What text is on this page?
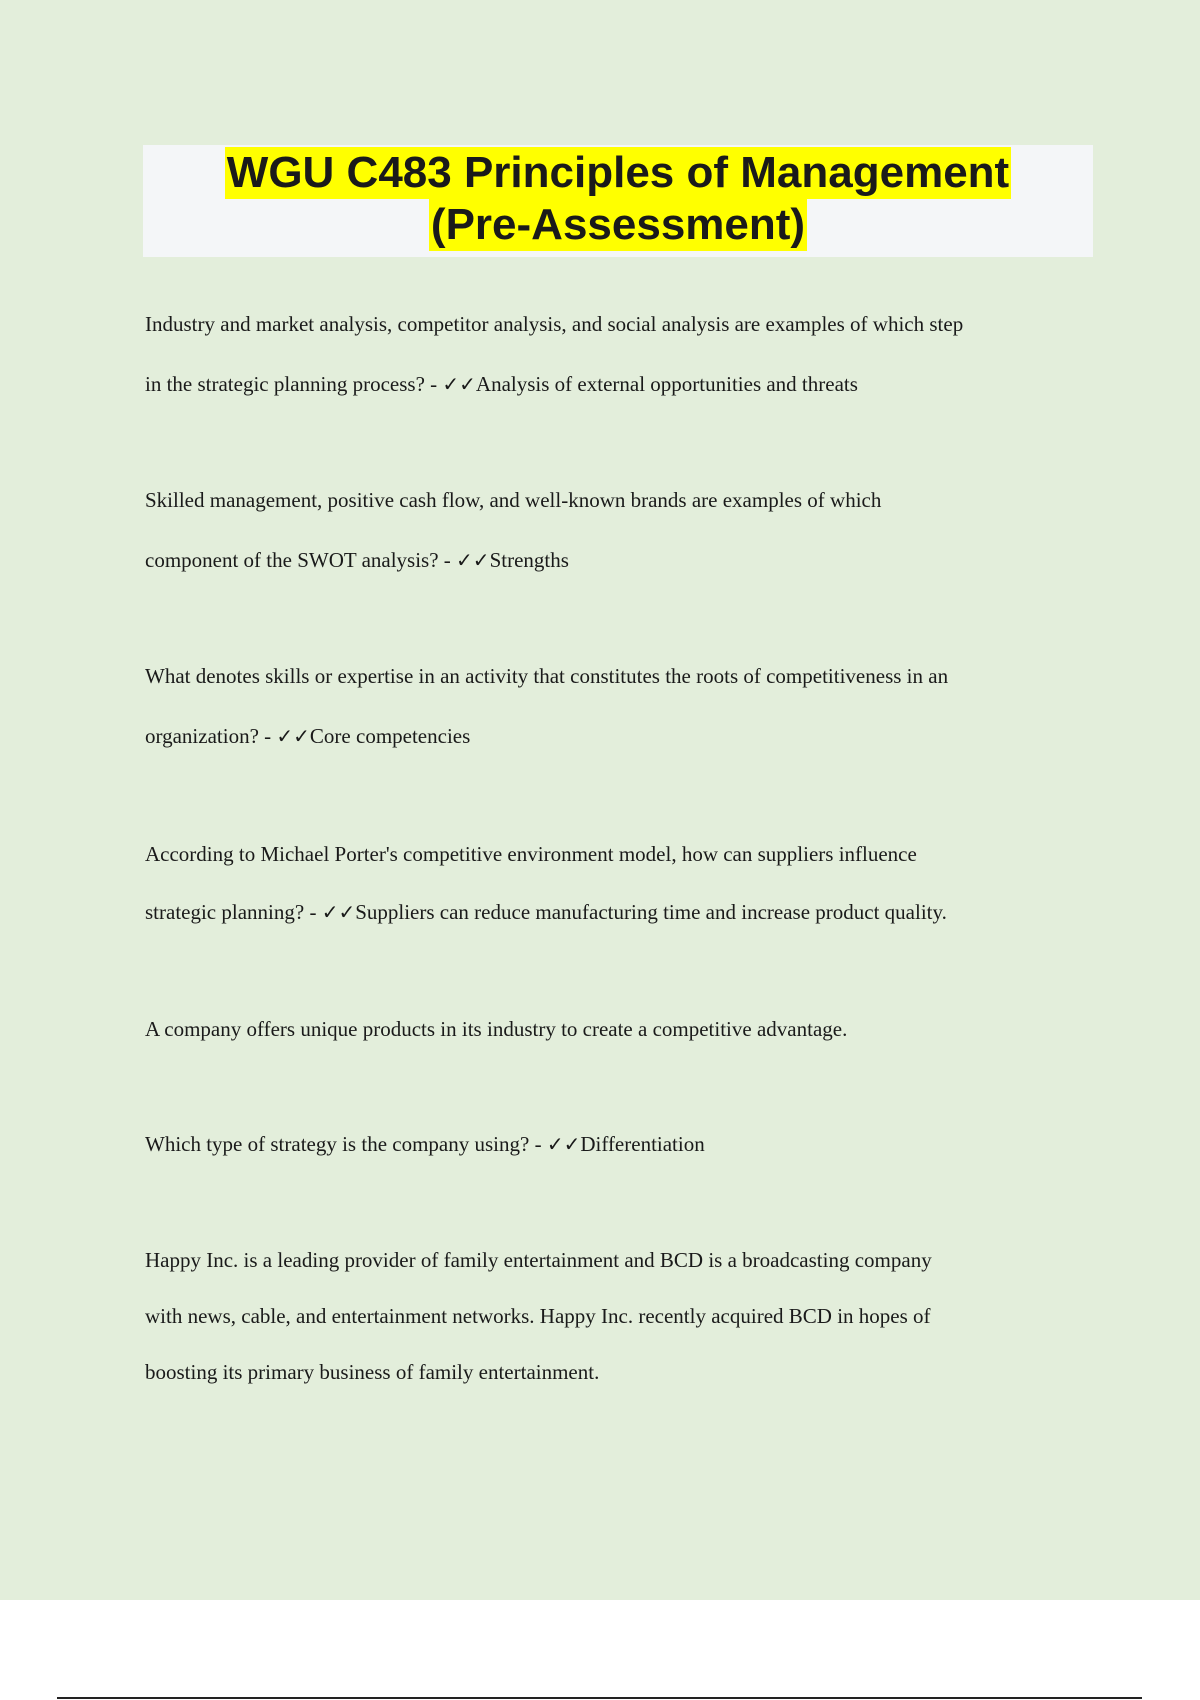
WGU C483 Principles of Management
(Pre-Assessment)
Industry and market analysis, competitor analysis, and social analysis are examples of which step
in the strategic planning process? - ✓✓Analysis of external opportunities and threats
Skilled management, positive cash flow, and well-known brands are examples of which
component of the SWOT analysis? - ✓✓Strengths
What denotes skills or expertise in an activity that constitutes the roots of competitiveness in an
organization? - ✓✓Core competencies
According to Michael Porter's competitive environment model, how can suppliers influence
strategic planning? - ✓✓Suppliers can reduce manufacturing time and increase product quality.
A company offers unique products in its industry to create a competitive advantage.
Which type of strategy is the company using? - ✓✓Differentiation
Happy Inc. is a leading provider of family entertainment and BCD is a broadcasting company
with news, cable, and entertainment networks. Happy Inc. recently acquired BCD in hopes of
boosting its primary business of family entertainment.
